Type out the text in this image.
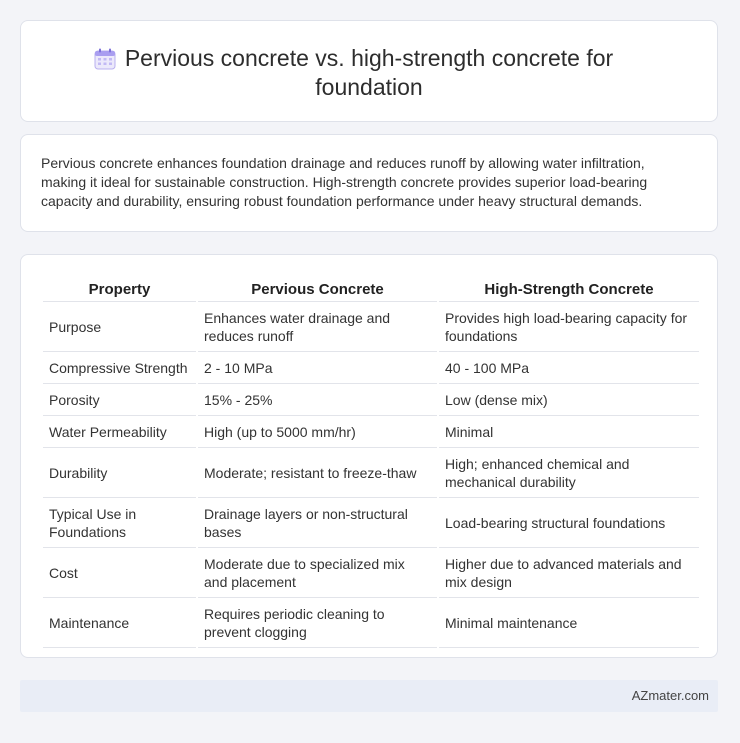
Pervious concrete vs. high-strength concrete for foundation

Pervious concrete enhances foundation drainage and reduces runoff by allowing water infiltration, making it ideal for sustainable construction. High-strength concrete provides superior load-bearing capacity and durability, ensuring robust foundation performance under heavy structural demands.

Property	Pervious Concrete	High-Strength Concrete
Purpose	Enhances water drainage and reduces runoff	Provides high load-bearing capacity for foundations
Compressive Strength	2 - 10 MPa	40 - 100 MPa
Porosity	15% - 25%	Low (dense mix)
Water Permeability	High (up to 5000 mm/hr)	Minimal
Durability	Moderate; resistant to freeze-thaw	High; enhanced chemical and mechanical durability
Typical Use in Foundations	Drainage layers or non-structural bases	Load-bearing structural foundations
Cost	Moderate due to specialized mix and placement	Higher due to advanced materials and mix design
Maintenance	Requires periodic cleaning to prevent clogging	Minimal maintenance
AZmater.com
